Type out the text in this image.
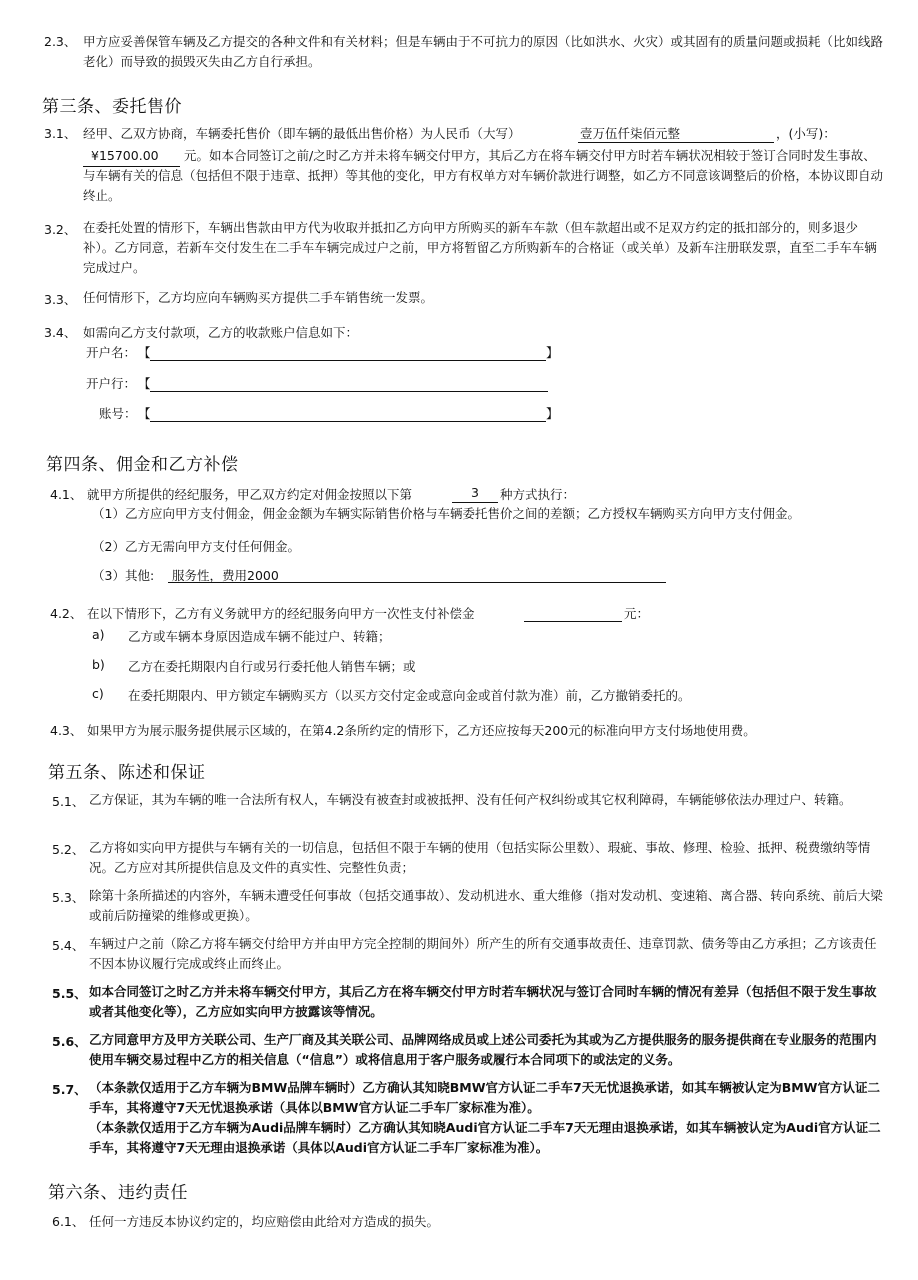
2.3、 甲方应妥善保管车辆及乙方提交的各种文件和有关材料；但是车辆由于不可抗力的原因（比如洪水、火灾）或其固有的质量问题或损耗（比如线路老化）而导致的损毁灭失由乙方自行承担。
第三条、委托售价
3.1、 经甲、乙双方协商，车辆委托售价（即车辆的最低出售价格）为人民币（大写）	壹万伍仟柒佰元整	，(小写)：
¥15700.00	元。如本合同签订之前/之时乙方并未将车辆交付甲方，其后乙方在将车辆交付甲方时若车辆状况相较于签订合同时发生事故、与车辆有关的信息（包括但不限于违章、抵押）等其他的变化，甲方有权单方对车辆价款进行调整，如乙方不同意该调整后的价格，本协议即自动终止。
3.2、 在委托处置的情形下，车辆出售款由甲方代为收取并抵扣乙方向甲方所购买的新车车款（但车款超出或不足双方约定的抵扣部分的，则多退少补）。乙方同意，若新车交付发生在二手车车辆完成过户之前，甲方将暂留乙方所购新车的合格证（或关单）及新车注册联发票，直至二手车车辆完成过户。
3.3、 任何情形下，乙方均应向车辆购买方提供二手车销售统一发票。
3.4、 如需向乙方支付款项，乙方的收款账户信息如下：
开户名： 【	】
开户行： 【
账号： 【	】
第四条、佣金和乙方补偿
4.1、 就甲方所提供的经纪服务，甲乙双方约定对佣金按照以下第	3	种方式执行：
（1）乙方应向甲方支付佣金，佣金金额为车辆实际销售价格与车辆委托售价之间的差额；乙方授权车辆购买方向甲方支付佣金。
（2）乙方无需向甲方支付任何佣金。
（3）其他: 服务性，费用2000
4.2、 在以下情形下，乙方有义务就甲方的经纪服务向甲方一次性支付补偿金	元：
a) 乙方或车辆本身原因造成车辆不能过户、转籍；
b) 乙方在委托期限内自行或另行委托他人销售车辆；或
c) 在委托期限内、甲方锁定车辆购买方（以买方交付定金或意向金或首付款为准）前，乙方撤销委托的。
4.3、 如果甲方为展示服务提供展示区域的，在第4.2条所约定的情形下，乙方还应按每天200元的标准向甲方支付场地使用费。
第五条、陈述和保证
5.1、 乙方保证，其为车辆的唯一合法所有权人，车辆没有被查封或被抵押、没有任何产权纠纷或其它权利障碍，车辆能够依法办理过户、转籍。
5.2、 乙方将如实向甲方提供与车辆有关的一切信息，包括但不限于车辆的使用（包括实际公里数）、瑕疵、事故、修理、检验、抵押、税费缴纳等情况。乙方应对其所提供信息及文件的真实性、完整性负责；
5.3、 除第十条所描述的内容外，车辆未遭受任何事故（包括交通事故）、发动机进水、重大维修（指对发动机、变速箱、离合器、转向系统、前后大梁或前后防撞梁的维修或更换）。
5.4、 车辆过户之前（除乙方将车辆交付给甲方并由甲方完全控制的期间外）所产生的所有交通事故责任、违章罚款、债务等由乙方承担；乙方该责任不因本协议履行完成或终止而终止。
5.5、 如本合同签订之时乙方并未将车辆交付甲方，其后乙方在将车辆交付甲方时若车辆状况与签订合同时车辆的情况有差异（包括但不限于发生事故或者其他变化等），乙方应如实向甲方披露该等情况。
5.6、 乙方同意甲方及甲方关联公司、生产厂商及其关联公司、品牌网络成员或上述公司委托为其或为乙方提供服务的服务提供商在专业服务的范围内使用车辆交易过程中乙方的相关信息（“信息”）或将信息用于客户服务或履行本合同项下的或法定的义务。
5.7、 （本条款仅适用于乙方车辆为BMW品牌车辆时）乙方确认其知晓BMW官方认证二手车7天无忧退换承诺，如其车辆被认定为BMW官方认证二手车，其将遵守7天无忧退换承诺（具体以BMW官方认证二手车厂家标准为准）。
（本条款仅适用于乙方车辆为Audi品牌车辆时）乙方确认其知晓Audi官方认证二手车7天无理由退换承诺，如其车辆被认定为Audi官方认证二手车，其将遵守7天无理由退换承诺（具体以Audi官方认证二手车厂家标准为准）。
第六条、违约责任
6.1、 任何一方违反本协议约定的，均应赔偿由此给对方造成的损失。
